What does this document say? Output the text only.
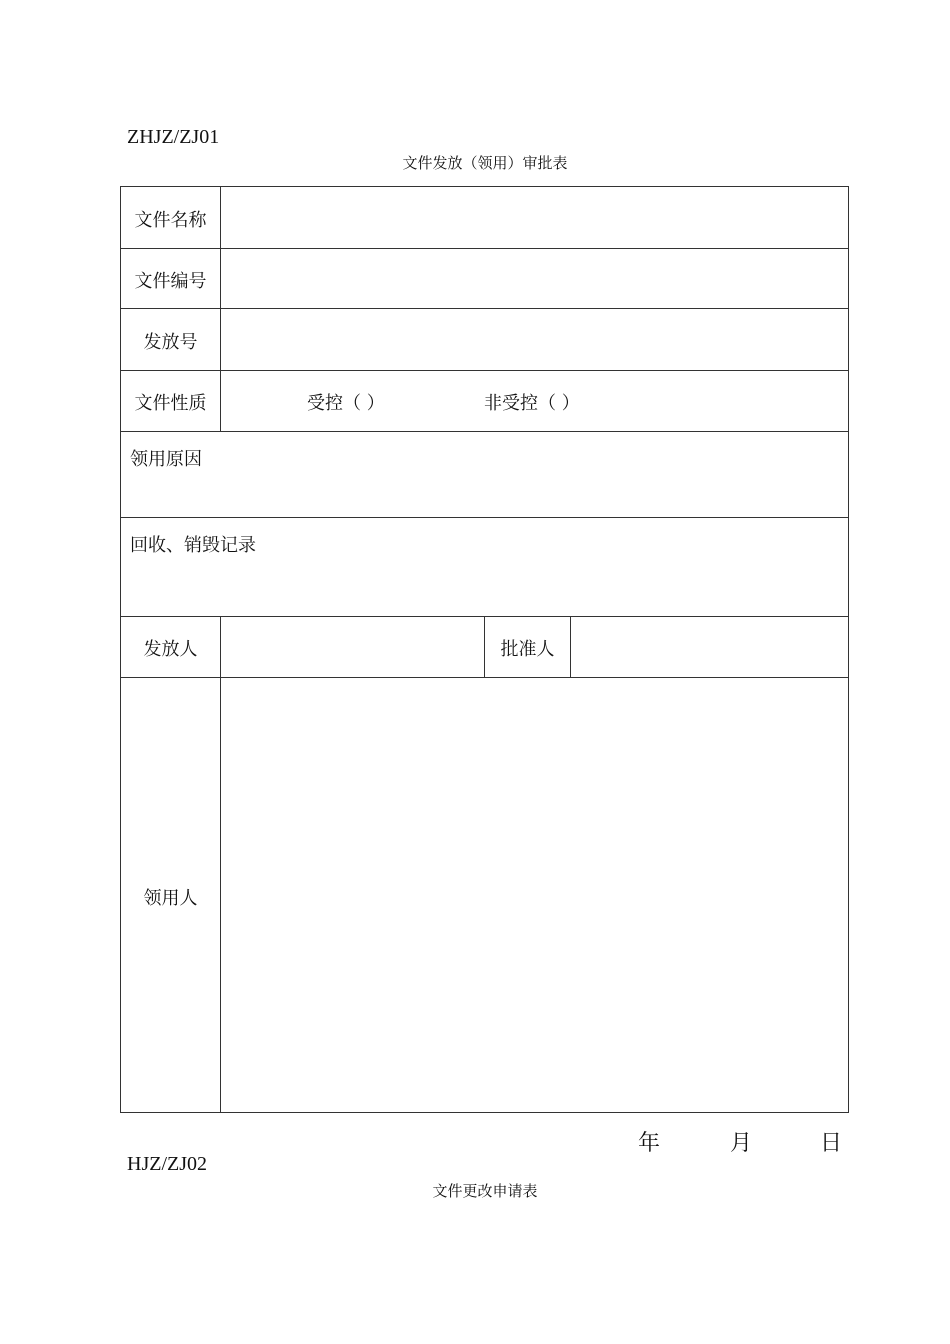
ZHJZ/ZJ01
文件发放（领用）审批表
文件名称
文件编号
发放号
文件性质	受控（ ）	非受控（ ）
领用原因
回收、销毁记录
发放人	批准人
领用人
年	月	日
HJZ/ZJ02
文件更改申请表
